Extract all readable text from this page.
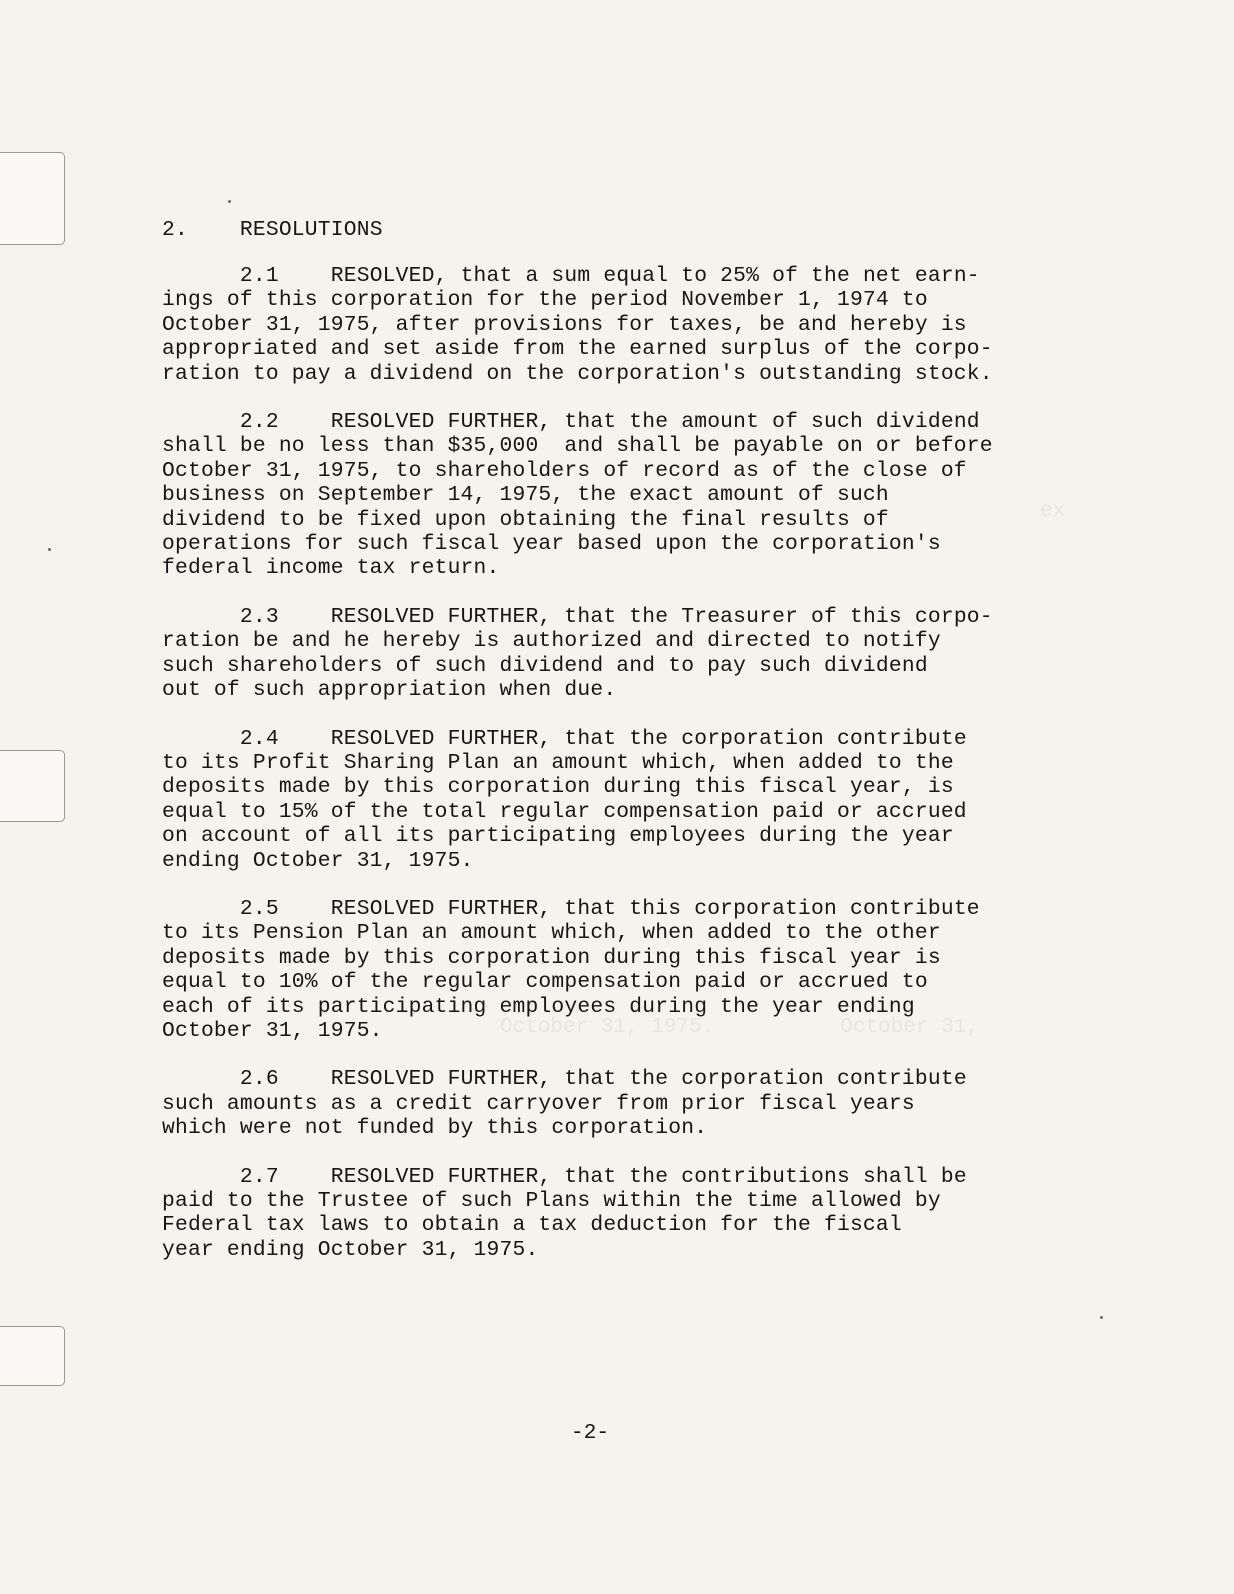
October 31, 1975.          October 31,
ex
2. RESOLUTIONS
2.1 RESOLVED, that a sum equal to 25% of the net earn-
ings of this corporation for the period November 1, 1974 to
October 31, 1975, after provisions for taxes, be and hereby is
appropriated and set aside from the earned surplus of the corpo-
ration to pay a dividend on the corporation's outstanding stock.
2.2 RESOLVED FURTHER, that the amount of such dividend
shall be no less than $35,000  and shall be payable on or before
October 31, 1975, to shareholders of record as of the close of
business on September 14, 1975, the exact amount of such
dividend to be fixed upon obtaining the final results of
operations for such fiscal year based upon the corporation's
federal income tax return.
2.3 RESOLVED FURTHER, that the Treasurer of this corpo-
ration be and he hereby is authorized and directed to notify
such shareholders of such dividend and to pay such dividend
out of such appropriation when due.
2.4 RESOLVED FURTHER, that the corporation contribute
to its Profit Sharing Plan an amount which, when added to the
deposits made by this corporation during this fiscal year, is
equal to 15% of the total regular compensation paid or accrued
on account of all its participating employees during the year
ending October 31, 1975.
2.5 RESOLVED FURTHER, that this corporation contribute
to its Pension Plan an amount which, when added to the other
deposits made by this corporation during this fiscal year is
equal to 10% of the regular compensation paid or accrued to
each of its participating employees during the year ending
October 31, 1975.
2.6 RESOLVED FURTHER, that the corporation contribute
such amounts as a credit carryover from prior fiscal years
which were not funded by this corporation.
2.7 RESOLVED FURTHER, that the contributions shall be
paid to the Trustee of such Plans within the time allowed by
Federal tax laws to obtain a tax deduction for the fiscal
year ending October 31, 1975.
-2-
